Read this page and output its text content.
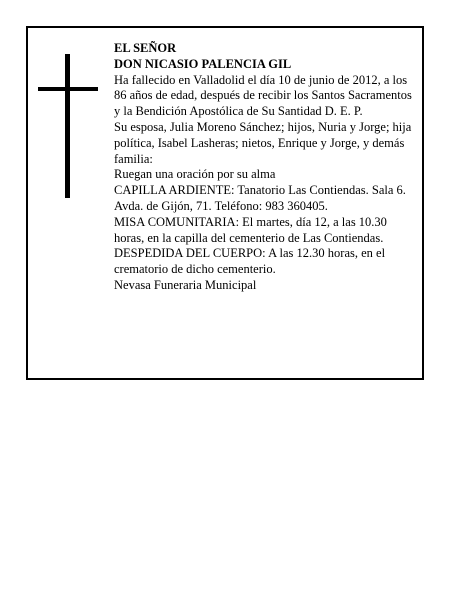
EL SEÑOR

DON NICASIO PALENCIA GIL

Ha fallecido en Valladolid el día 10 de junio de 2012, a los 86 años de edad, después de recibir los Santos Sacramentos y la Bendición Apostólica de Su Santidad D. E. P.

Su esposa, Julia Moreno Sánchez; hijos, Nuria y Jorge; hija política, Isabel Lasheras; nietos, Enrique y Jorge, y demás familia:

Ruegan una oración por su alma

CAPILLA ARDIENTE: Tanatorio Las Contiendas. Sala 6. Avda. de Gijón, 71. Teléfono: 983 360405.

MISA COMUNITARIA: El martes, día 12, a las 10.30 horas, en la capilla del cementerio de Las Contiendas.

DESPEDIDA DEL CUERPO: A las 12.30 horas, en el crematorio de dicho cementerio.

Nevasa Funeraria Municipal
